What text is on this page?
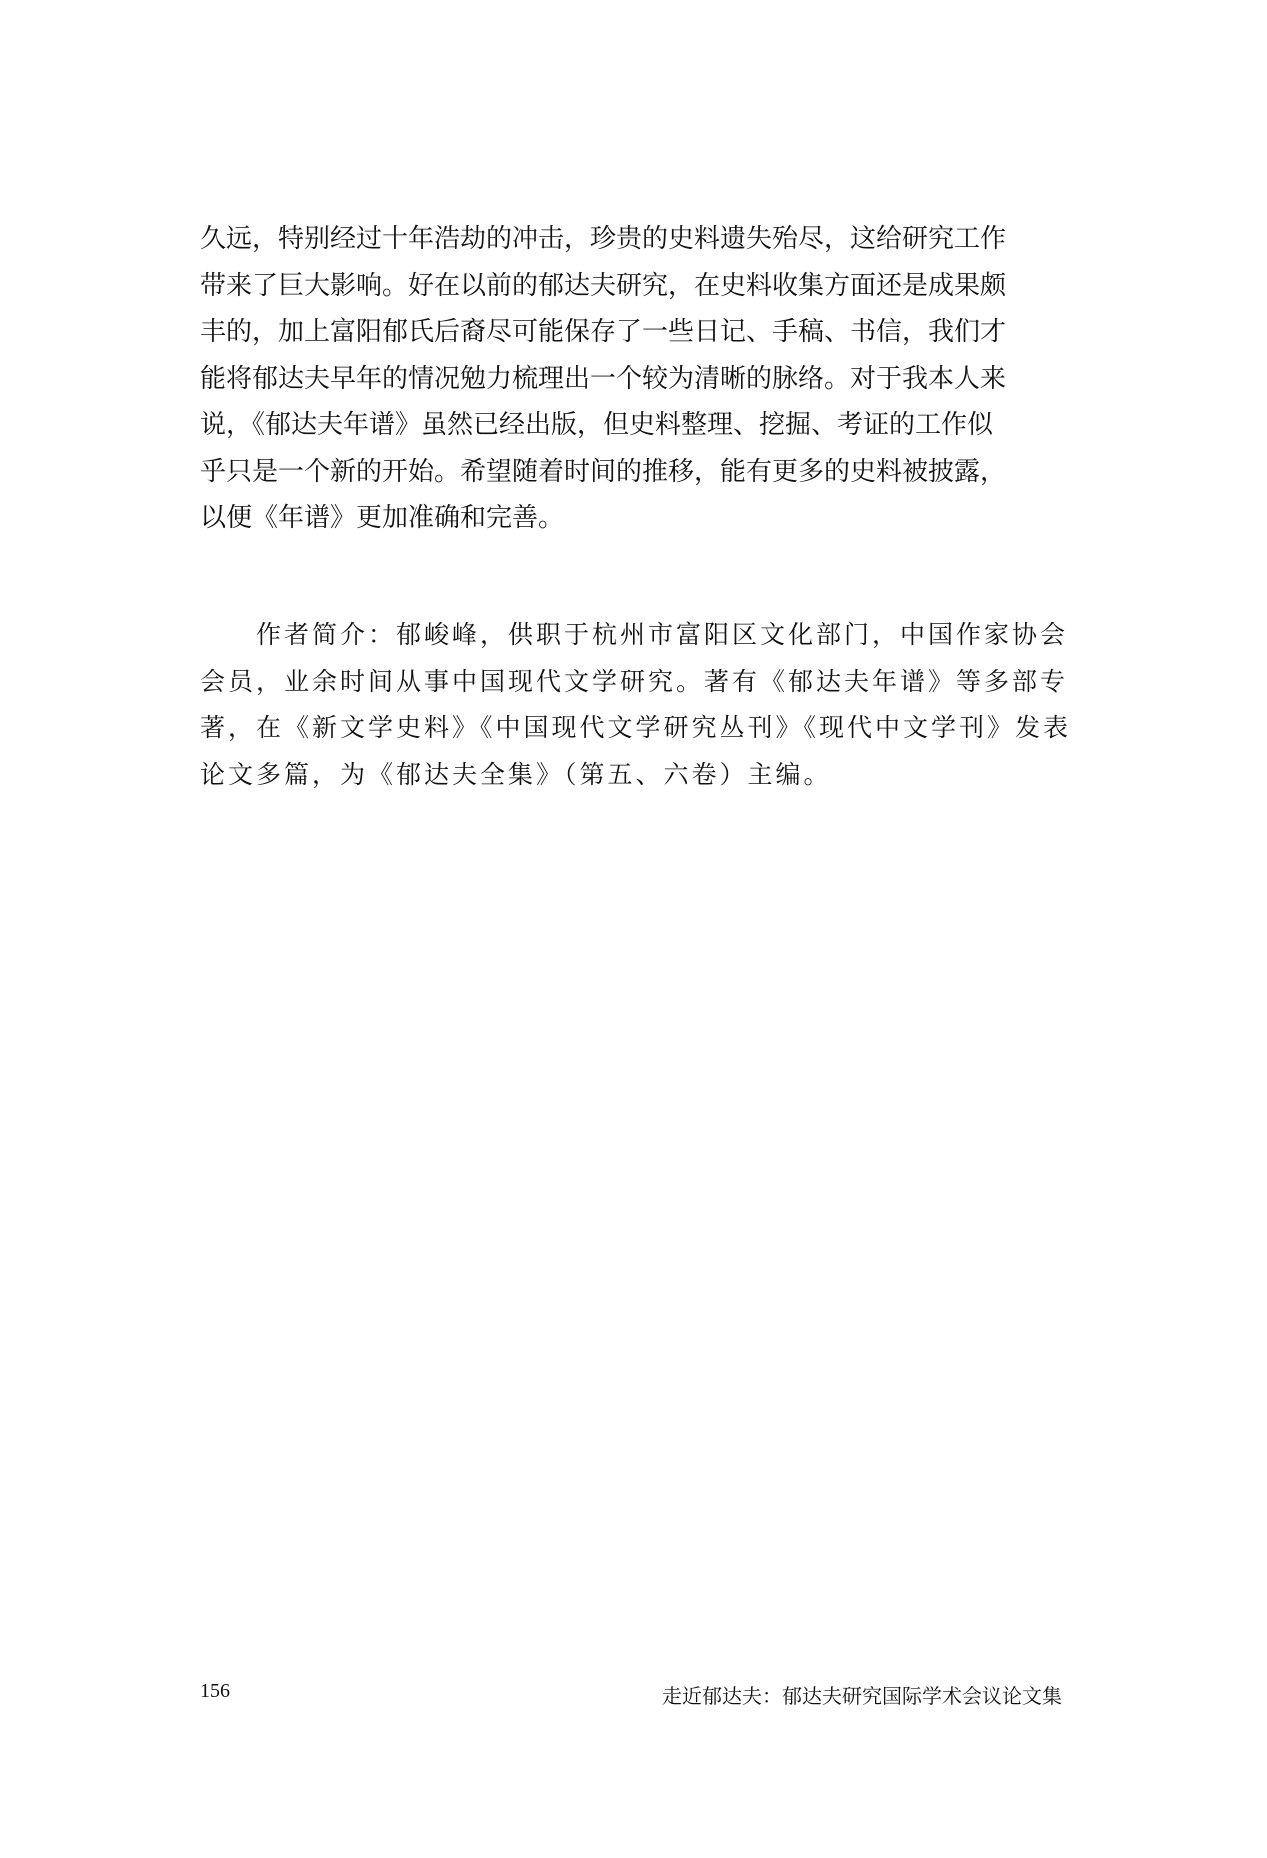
久远，特别经过十年浩劫的冲击，珍贵的史料遗失殆尽，这给研究工作
带来了巨大影响。好在以前的郁达夫研究，在史料收集方面还是成果颇
丰的，加上富阳郁氏后裔尽可能保存了一些日记、手稿、书信，我们才
能将郁达夫早年的情况勉力梳理出一个较为清晰的脉络。对于我本人来
说，《郁达夫年谱》虽然已经出版，但史料整理、挖掘、考证的工作似
乎只是一个新的开始。希望随着时间的推移，能有更多的史料被披露，
以便《年谱》更加准确和完善。
作者简介：郁峻峰，供职于杭州市富阳区文化部门，中国作家协会
会员，业余时间从事中国现代文学研究。著有《郁达夫年谱》等多部专
著，在《新文学史料》《中国现代文学研究丛刊》《现代中文学刊》发表
论文多篇，为《郁达夫全集》（第五、六卷）主编。
156	走近郁达夫：郁达夫研究国际学术会议论文集
